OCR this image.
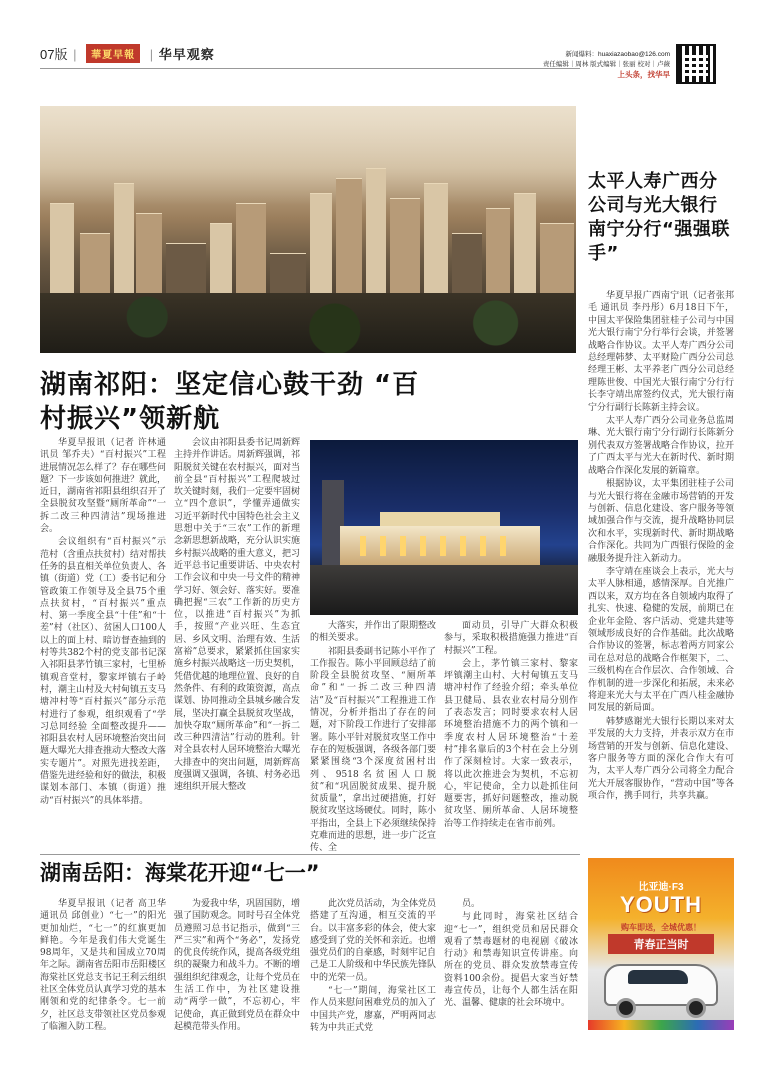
07版 | 華夏早報 | 华早观察	新闻爆料：huaxiazaobao@126.com
责任编辑｜周林 版式编辑｜张丽 校对｜卢薇
上头条，找华早
太平人寿广西分公司与光大银行南宁分行“强强联手”

华夏早报广西南宁讯（记者张邦毛 通讯员 李丹彤）6月18日下午，中国太平保险集团驻桂子公司与中国光大银行南宁分行举行会谈，并签署战略合作协议。太平人寿广西分公司总经理韩梦、太平财险广西分公司总经理王彬、太平养老广西分公司总经理陈世俊、中国光大银行南宁分行行长李守靖出席签约仪式，光大银行南宁分行副行长陈新主持会议。

太平人寿广西分公司业务总监周琳、光大银行南宁分行副行长陈新分别代表双方签署战略合作协议，拉开了广西太平与光大在新时代、新时期战略合作深化发展的新篇章。

根据协议，太平集团驻桂子公司与光大银行将在金融市场营销的开发与创新、信息化建设、客户服务等领域加强合作与交流，提升战略协同层次和水平，实现新时代、新时期战略合作深化。共同为广西银行保险的金融服务提升注入新动力。

李守靖在座谈会上表示，光大与太平人脉相通，感情深厚。自光推广西以来，双方均在各自领域内取得了扎实、快速、稳健的发展，前期已在企业年金险、客户活动、党建共建等领域形成良好的合作基础。此次战略合作协议的签署，标志着两方同家公司在总对总的战略合作框架下，二、三级机构在合作层次、合作领域、合作机制的进一步深化和拓展，未来必将迎来光大与太平在广西八桂金融协同发展的新局面。

韩梦感谢光大银行长期以来对太平发展的大力支持，并表示双方在市场营销的开发与创新、信息化建设、客户服务等方面的深化合作大有可为，太平人寿广西分公司将全力配合光大开展客服协作，“营动中国”等各项合作，携手同行，共享共赢。

湖南祁阳：坚定信心鼓干劲 “百
村振兴”领新航

华夏早报讯（记者 许林通讯员 邹乔夫）“百村振兴”工程进展情况怎么样了？存在哪些问题？下一步该如何推进？就此，近日，湖南省祁阳县组织召开了全县脱贫攻坚暨“厕所革命”“一拆二改三种四清洁”现场推进会。

会议组织有“百村振兴”示范村（含重点扶贫村）结对帮扶任务的县直相关单位负责人、各镇（街道）党（工）委书记和分管政策工作领导及全县75个重点扶贫村，“百村振兴”重点村、第一季度全县“十佳”和“十差”村（社区）、贫困人口100人以上的面上村、暗访督查抽到的村等共382个村的党支部书记深入祁阳县茅竹镇三家村，七里桥镇观音堂村，黎家坪镇右子岭村，潮主山村及大村甸镇五支马塘冲村等“百村振兴”部分示范村进行了参观，组织观看了“学习总同经验 全面整改提升——祁阳县农村人居环境整治突出问题大曝光大排查推动大整改大落实专题片”。对照先进找差距，借鉴先进经验和好的做法，积极谋划本部门、本镇（街道）推动“百村振兴”的具体举措。

会议由祁阳县委书记周新辉主持并作讲话。周新辉强调，祁阳脱贫关键在农村振兴，面对当前全县“百村振兴”工程爬坡过坎关键时刻，我们一定要牢固树立“四个意识”，学懂弄通做实习近平新时代中国特色社会主义思想中关于“三农”工作的新理念新思想新战略，充分认识实施乡村振兴战略的重大意义，把习近平总书记重要讲话、中央农村工作会议和中央一号文件的精神学习好、领会好、落实好。要准确把握“三农”工作新的历史方位，以推进“百村振兴”为抓手，按照“产业兴旺、生态宜居、乡风文明、治理有效、生活富裕”总要求，紧紧抓住国家实施乡村振兴战略这一历史契机，凭借优越的地理位置、良好的自然条件、有利的政策资源，高点谋划、协同推动全县城乡融合发展，坚决打赢全县脱贫攻坚战，加快夺取“厕所革命”和“一拆二改三种四清洁”行动的胜利。针对全县农村人居环境整治大曝光大排查中的突出问题，周新辉高度强调又强调，各镇、村务必迅速组织开展大整改

大落实，并作出了限期整改的相关要求。

祁阳县委副书记陈小平作了工作报告。陈小平回顾总结了前阶段全县脱贫攻坚、“厕所革命”和“一拆二改三种四清洁”及“百村振兴”工程推进工作情况，分析并指出了存在的问题，对下阶段工作进行了安排部署。陈小平针对脱贫攻坚工作中存在的短板强调，各级各部门要紧紧围绕“3个深度贫困村出列、9518名贫困人口脱贫”和“巩固脱贫成果、提升脱贫质量”，拿出过硬措施，打好脱贫攻坚这场硬仗。同时，陈小平指出，全县上下必须继续保持克难而进的思想，进一步广泛宣传、全

面动员，引导广大群众积极参与，采取积极措施强力推进“百村振兴”工程。

会上，茅竹镇三家村、黎家坪镇潮主山村、大村甸镇五支马塘冲村作了经验介绍；牵头单位县卫健局、县农业农村局分别作了表态发言；同时要求农村人居环境整治措施不力的两个镇和一季度农村人居环境整治“十差村”排名靠后的3个村在会上分别作了深刻检讨。大家一致表示，将以此次推进会为契机，不忘初心，牢记使命，全力以赴抓住问题要害，抓好问题整改，推动脱贫攻坚、厕所革命、人居环境整治等工作持续走在省市前列。

湖南岳阳：海棠花开迎“七一”

华夏早报讯（记者 高卫华 通讯员 邱创业）“七一”的阳光更加灿烂，“七一”的红旗更加鲜艳。今年是我们伟大党诞生98周年，又是共和国成立70周年之际。湖南省岳阳市岳阳楼区海棠社区党总支书记王利云组织社区全体党员认真学习党的基本刚领和党的纪律条令。七一前夕，社区总支带领社区党员参观了临湘入防工程。

为爱我中华，巩固国防，增强了国防观念。同时号召全体党员遵照习总书记指示，做到“三严三实”和两个“务必”，发扬党的优良传统作风，提高各级党组织的凝聚力和战斗力。不断的增强组织纪律观念，让每个党员在生活工作中，为社区建设推动“两学一做”，不忘初心，牢记使命，真正做到党员在群众中起模范带头作用。

此次党员活动，为全体党员搭建了互沟通，相互交流的平台。以丰富多彩的体会，使大家感受到了党的关怀和亲近。也增强党员们的自豪感，时刻牢记自己是工人阶级和中华民族先锋队中的光荣一员。

“七一”期间，海棠社区工作人员来慰问困难党员的加入了中国共产党，廖嘉，严明两同志转为中共正式党

员。

与此同时，海棠社区结合迎“七一”，组织党员和居民群众观看了禁毒题材的电视剧《破冰行动》和禁毒知识宣传讲座。向所在的党员、群众发放禁毒宣传资料100余份。提倡大家当好禁毒宣传员，让每个人都生活在阳光、温馨、健康的社会环境中。

比亚迪·F3
YOUTH
购车即送，全城优惠！
青春正当时
